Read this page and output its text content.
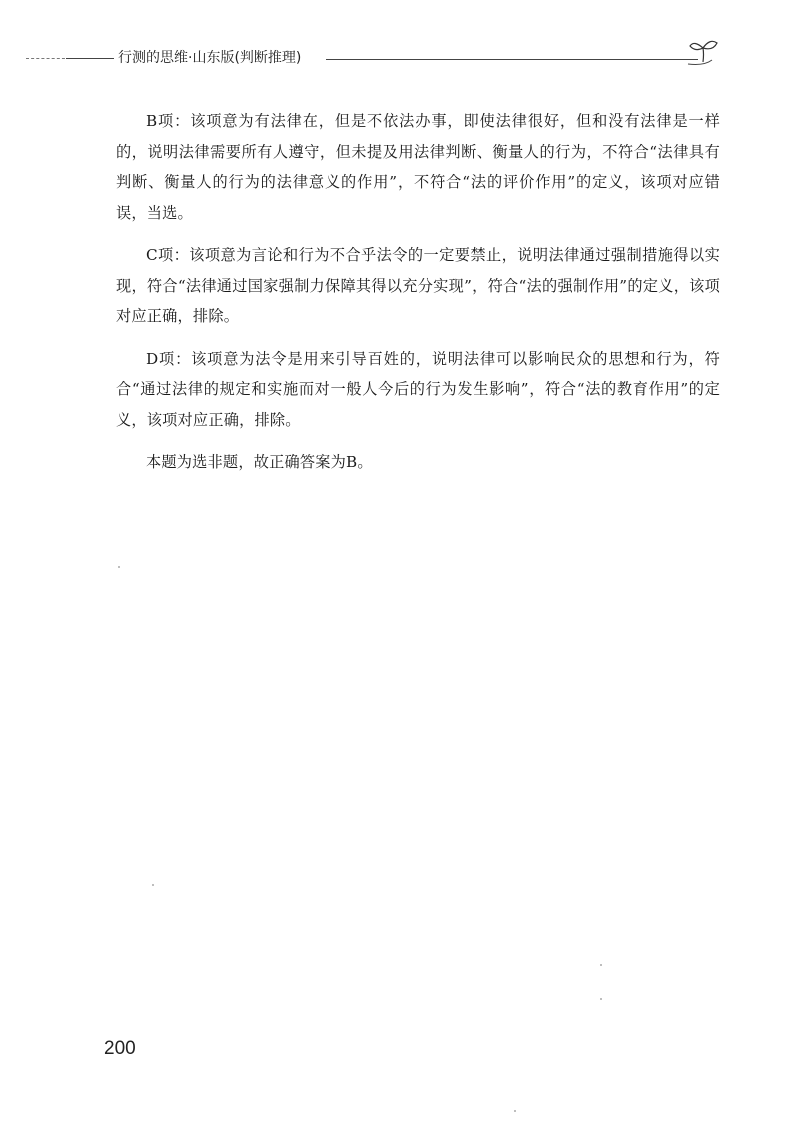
行测的思维·山东版(判断推理)

B项：该项意为有法律在，但是不依法办事，即使法律很好，但和没有法律是一样的，说明法律需要所有人遵守，但未提及用法律判断、衡量人的行为，不符合“法律具有判断、衡量人的行为的法律意义的作用”，不符合“法的评价作用”的定义，该项对应错误，当选。

C项：该项意为言论和行为不合乎法令的一定要禁止，说明法律通过强制措施得以实现，符合“法律通过国家强制力保障其得以充分实现”，符合“法的强制作用”的定义，该项对应正确，排除。

D项：该项意为法令是用来引导百姓的，说明法律可以影响民众的思想和行为，符合“通过法律的规定和实施而对一般人今后的行为发生影响”，符合“法的教育作用”的定义，该项对应正确，排除。

本题为选非题，故正确答案为B。

200
